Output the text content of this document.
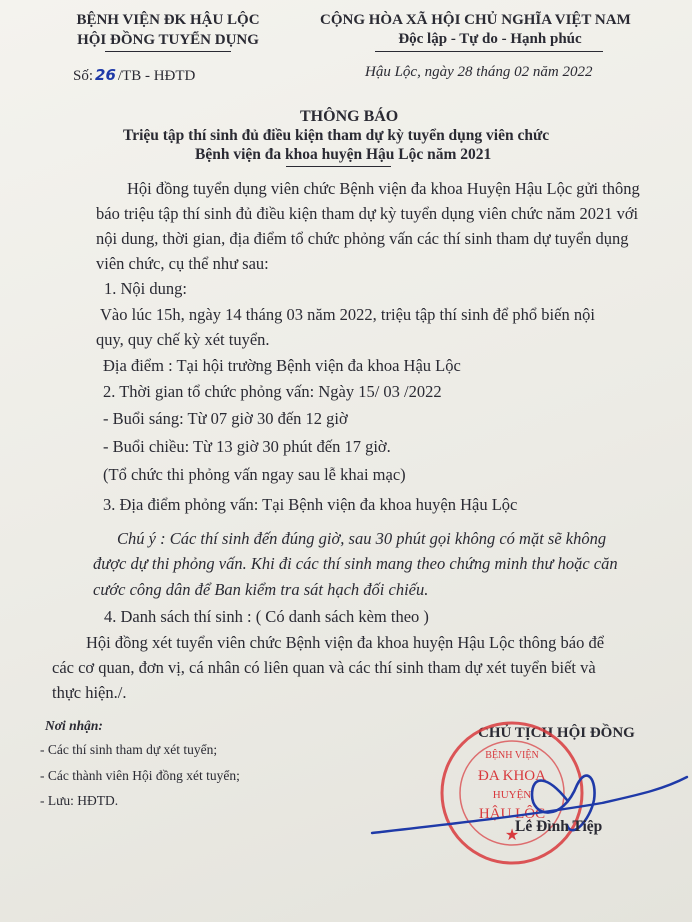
BỆNH VIỆN ĐK HẬU LỘC
HỘI ĐỒNG TUYỂN DỤNG
Số: 26 /TB - HĐTD
CỘNG HÒA XÃ HỘI CHỦ NGHĨA VIỆT NAM
Độc lập - Tự do - Hạnh phúc
Hậu Lộc, ngày 28 tháng 02 năm 2022
THÔNG BÁO
Triệu tập thí sinh đủ điều kiện tham dự kỳ tuyển dụng viên chức
Bệnh viện đa khoa huyện Hậu Lộc năm 2021
Hội đồng tuyển dụng viên chức Bệnh viện đa khoa Huyện Hậu Lộc gửi thông
báo triệu tập thí sinh đủ điều kiện tham dự kỳ tuyển dụng viên chức năm 2021 với
nội dung, thời gian, địa điểm tổ chức phỏng vấn các thí sinh tham dự tuyển dụng
viên chức, cụ thể như sau:
1. Nội dung:
Vào lúc 15h, ngày 14 tháng 03 năm 2022, triệu tập thí sinh để phổ biến nội
quy, quy chế kỳ xét tuyển.
Địa điểm : Tại hội trường Bệnh viện đa khoa Hậu Lộc
2. Thời gian tổ chức phỏng vấn: Ngày 15/ 03 /2022
- Buổi sáng: Từ 07 giờ 30 đến 12 giờ
- Buổi chiều: Từ 13 giờ 30 phút đến 17 giờ.
(Tổ chức thi phỏng vấn ngay sau lễ khai mạc)
3. Địa điểm phỏng vấn: Tại Bệnh viện đa khoa huyện Hậu Lộc
Chú ý : Các thí sinh đến đúng giờ, sau 30 phút gọi không có mặt sẽ không
được dự thi phỏng vấn. Khi đi các thí sinh mang theo chứng minh thư hoặc căn
cước công dân để Ban kiểm tra sát hạch đối chiếu.
4. Danh sách thí sinh : ( Có danh sách kèm theo )
Hội đồng xét tuyển viên chức Bệnh viện đa khoa huyện Hậu Lộc thông báo để
các cơ quan, đơn vị, cá nhân có liên quan và các thí sinh tham dự xét tuyển biết và
thực hiện./.
Nơi nhận:
- Các thí sinh tham dự xét tuyển;
- Các thành viên Hội đồng xét tuyển;
- Lưu: HĐTD.
CHỦ TỊCH HỘI ĐỒNG
BỆNH VIỆN
ĐA KHOA
HUYỆN
HẬU LỘC
★
Lê Đình Tiệp
